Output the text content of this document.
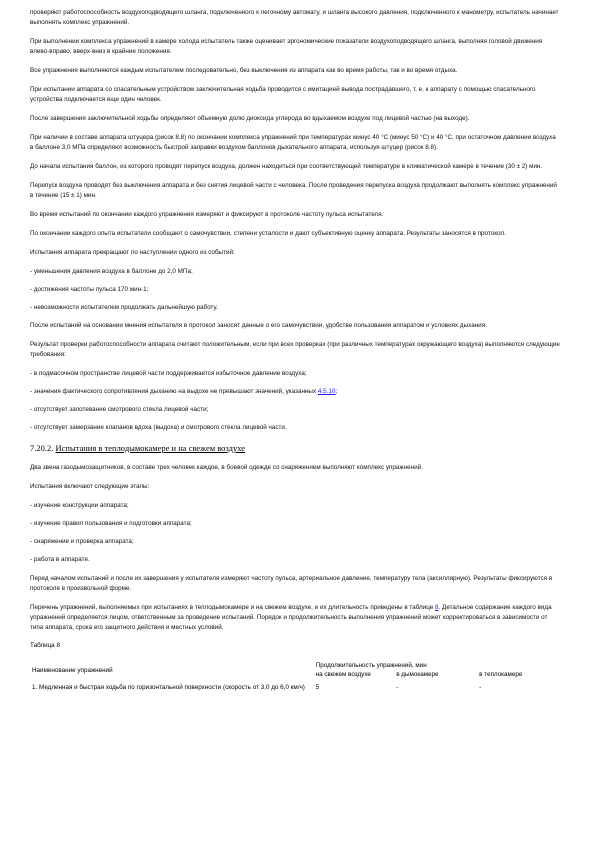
проверяют работоспособность воздухоподводящего шланга, подключенного к легочному автомату, и шланга высокого давления, подключенного к манометру, испытатель начинает выполнять комплекс упражнений.

При выполнении комплекса упражнений в камере холода испытатель также оценивает эргономические показатели воздухоподводящего шланга, выполняя головой движения влево-вправо, вверх-вниз в крайние положения.

Все упражнения выполняются каждым испытателем последовательно, без выключения из аппарата как во время работы, так и во время отдыха.

При испытании аппарата со спасательным устройством заключительная ходьба проводится с имитацией вывода пострадавшего, т. е. к аппарату с помощью спасательного устройства подключается еще один человек.

После завершения заключительной ходьбы определяют объемную долю диоксида углерода во вдыхаемом воздухе под лицевой частью (на выходе).

При наличии в составе аппарата штуцера (рисок 8.8) по окончании комплекса упражнений при температурах минус 40 °C (минус 50 °C) и 40 °C, при остаточном давлении воздуха в баллоне 3,0 МПа определяют возможность быстрой заправки воздухом баллонов дыхательного аппарата, используя штуцер (рисок 8.8).

До начала испытания баллон, из которого проводят перепуск воздуха, должен находиться при соответствующей температуре в климатической камере в течение (30 ± 2) мин.

Перепуск воздуха проводят без выключения аппарата и без снятия лицевой части с человека. После проведения перепуска воздуха продолжают выполнять комплекс упражнений в течение (15 ± 1) мин.

Во время испытаний по окончании каждого упражнения измеряют и фиксируют в протоколе частоту пульса испытателя.

По окончании каждого опыта испытатели сообщают о самочувствии, степени усталости и дают субъективную оценку аппарата. Результаты заносятся в протокол.

Испытания аппарата прекращают по наступлении одного из событий:

- уменьшения давления воздуха в баллоне до 2,0 МПа;

- достижения частоты пульса 170 мин-1;

- невозможности испытателем продолжать дальнейшую работу.

После испытаний на основании мнения испытателя в протокол заносят данные о его самочувствии, удобстве пользования аппаратом и условиях дыхания.

Результат проверки работоспособности аппарата считают положительным, если при всех проверках (при различных температурах окружающего воздуха) выполняются следующие требования:

- в подмасочном пространстве лицевой части поддерживается избыточное давление воздуха;

- значения фактического сопротивления дыханию на выдохе не превышают значений, указанных 4.5.10;

- отсутствует запотевание смотрового стекла лицевой части;

- отсутствует замерзание клапанов вдоха (выдоха) и смотрового стекла лицевой части.

7.20.2. Испытания в теплодымокамере и на свежем воздухе

Два звена газодымозащитников, в составе трех человек каждое, в боевой одежде со снаряжением выполняют комплекс упражнений.

Испытания включают следующие этапы:

- изучение конструкции аппарата;

- изучение правил пользования и подготовки аппарата;

- снаряжение и проверка аппарата;

- работа в аппарате.

Перед началом испытаний и после их завершения у испытателя измеряют частоту пульса, артериальное давление, температуру тела (аксиллярную). Результаты фиксируются в протоколе в произвольной форме.

Перечень упражнений, выполняемых при испытаниях в теплодымокамере и на свежем воздухе, и их длительность приведены в таблице 8. Детальное содержание каждого вида упражнений определяется лицом, ответственным за проведение испытаний. Порядок и продолжительность выполнения упражнений может корректироваться в зависимости от типа аппарата, срока его защитного действия и местных условий.

Таблица 8
Наименование упражнений	Продолжительность упражнений, мин		
	на свежем воздухе	в дымокамере	в теплокамере
1. Медленная и быстрая ходьба по горизонтальной поверхности (скорость от 3,0 до 6,0 км/ч)	5	-	-
